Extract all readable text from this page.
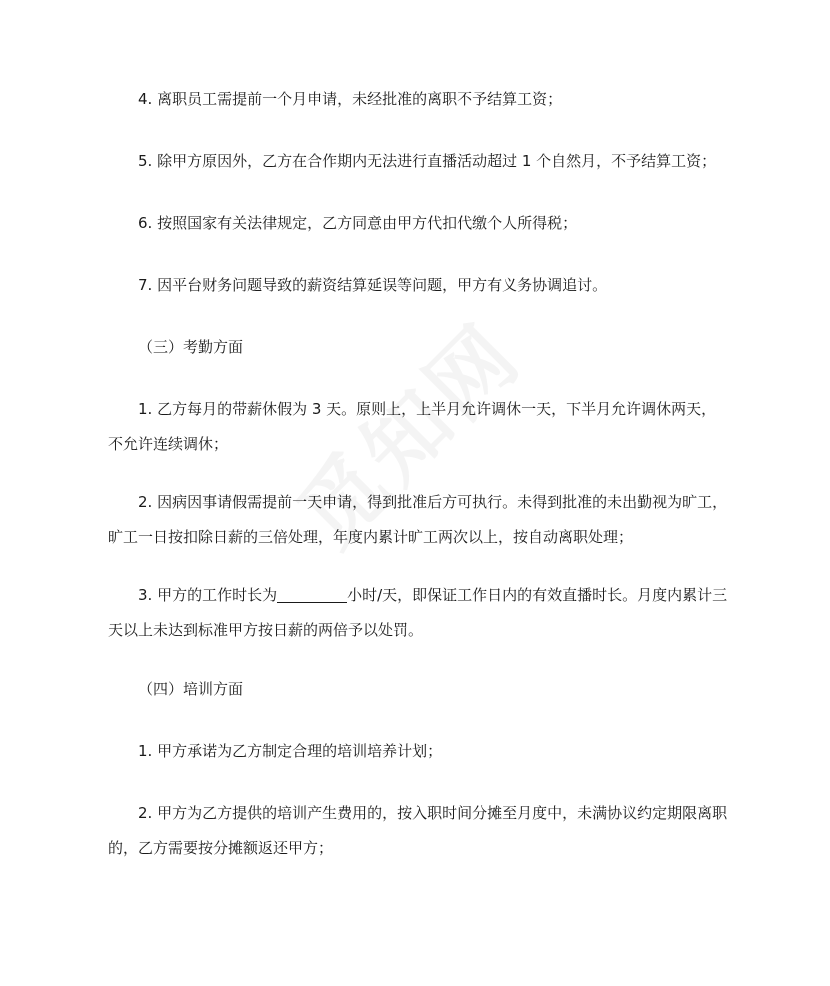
4. 离职员工需提前一个月申请，未经批准的离职不予结算工资；

5. 除甲方原因外，乙方在合作期内无法进行直播活动超过 1 个自然月，不予结算工资；

6. 按照国家有关法律规定，乙方同意由甲方代扣代缴个人所得税；

7. 因平台财务问题导致的薪资结算延误等问题，甲方有义务协调追讨。

（三）考勤方面

1. 乙方每月的带薪休假为 3 天。原则上，上半月允许调休一天，下半月允许调休两天，不允许连续调休；

2. 因病因事请假需提前一天申请，得到批准后方可执行。未得到批准的未出勤视为旷工，旷工一日按扣除日薪的三倍处理，年度内累计旷工两次以上，按自动离职处理；

3. 甲方的工作时长为	小时/天，即保证工作日内的有效直播时长。月度内累计三天以上未达到标准甲方按日薪的两倍予以处罚。

（四）培训方面

1. 甲方承诺为乙方制定合理的培训培养计划；

2. 甲方为乙方提供的培训产生费用的，按入职时间分摊至月度中，未满协议约定期限离职的，乙方需要按分摊额返还甲方；
